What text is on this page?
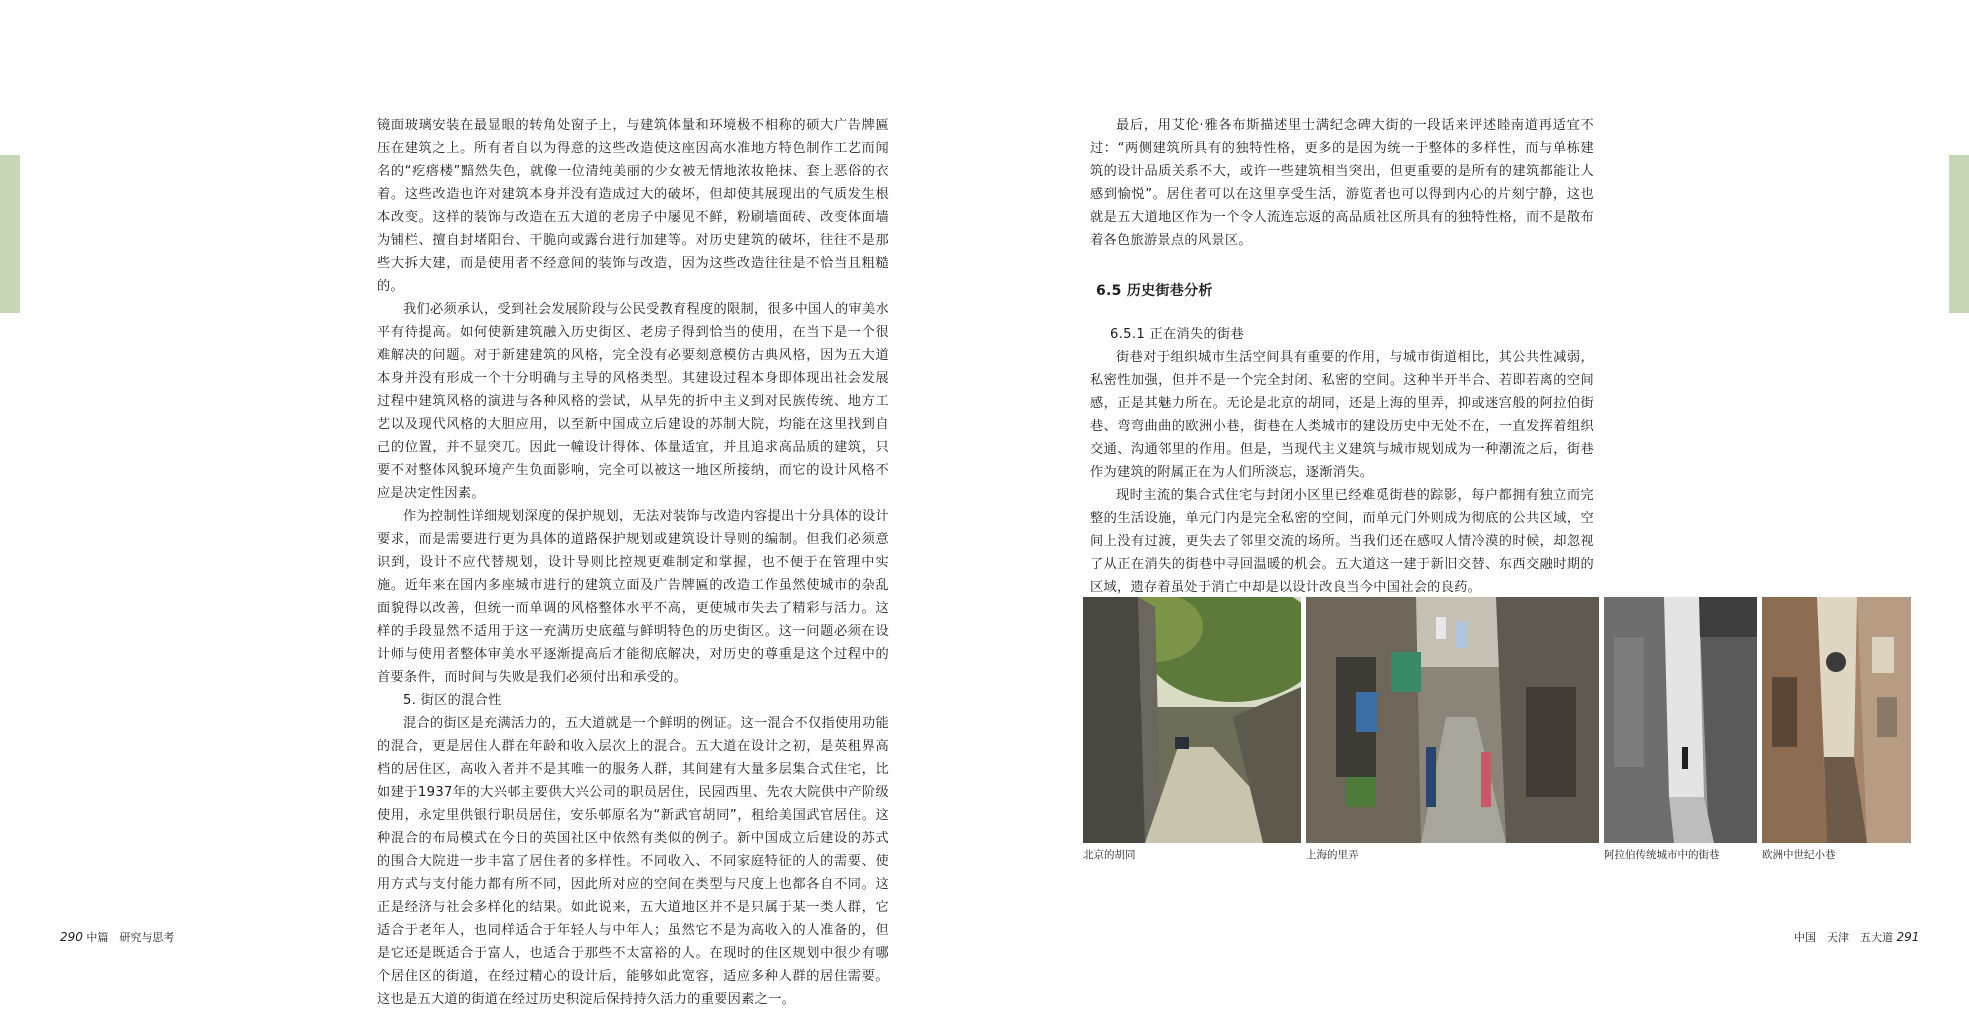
镜面玻璃安装在最显眼的转角处窗子上，与建筑体量和环境极不相称的硕大广告牌匾压在建筑之上。所有者自以为得意的这些改造使这座因高水准地方特色制作工艺而闻名的“疙瘩楼”黯然失色，就像一位清纯美丽的少女被无情地浓妆艳抹、套上恶俗的衣着。这些改造也许对建筑本身并没有造成过大的破坏，但却使其展现出的气质发生根本改变。这样的装饰与改造在五大道的老房子中屡见不鲜，粉刷墙面砖、改变体面墙为铺栏、擅自封堵阳台、干脆向或露台进行加建等。对历史建筑的破坏，往往不是那些大拆大建，而是使用者不经意间的装饰与改造，因为这些改造往往是不恰当且粗糙的。

我们必须承认，受到社会发展阶段与公民受教育程度的限制，很多中国人的审美水平有待提高。如何使新建筑融入历史街区、老房子得到恰当的使用，在当下是一个很难解决的问题。对于新建建筑的风格，完全没有必要刻意模仿古典风格，因为五大道本身并没有形成一个十分明确与主导的风格类型。其建设过程本身即体现出社会发展过程中建筑风格的演进与各种风格的尝试，从早先的折中主义到对民族传统、地方工艺以及现代风格的大胆应用，以至新中国成立后建设的苏制大院，均能在这里找到自己的位置，并不显突兀。因此一幢设计得体、体量适宜，并且追求高品质的建筑，只要不对整体风貌环境产生负面影响，完全可以被这一地区所接纳，而它的设计风格不应是决定性因素。

作为控制性详细规划深度的保护规划，无法对装饰与改造内容提出十分具体的设计要求，而是需要进行更为具体的道路保护规划或建筑设计导则的编制。但我们必须意识到，设计不应代替规划，设计导则比控规更难制定和掌握，也不便于在管理中实施。近年来在国内多座城市进行的建筑立面及广告牌匾的改造工作虽然使城市的杂乱面貌得以改善，但统一而单调的风格整体水平不高，更使城市失去了精彩与活力。这样的手段显然不适用于这一充满历史底蕴与鲜明特色的历史街区。这一问题必须在设计师与使用者整体审美水平逐渐提高后才能彻底解决，对历史的尊重是这个过程中的首要条件，而时间与失败是我们必须付出和承受的。

5. 街区的混合性

混合的街区是充满活力的，五大道就是一个鲜明的例证。这一混合不仅指使用功能的混合，更是居住人群在年龄和收入层次上的混合。五大道在设计之初，是英租界高档的居住区，高收入者并不是其唯一的服务人群，其间建有大量多层集合式住宅，比如建于1937年的大兴邨主要供大兴公司的职员居住，民园西里、先农大院供中产阶级使用，永定里供银行职员居住，安乐邨原名为“新武官胡同”，租给美国武官居住。这种混合的布局模式在今日的英国社区中依然有类似的例子。新中国成立后建设的苏式的围合大院进一步丰富了居住者的多样性。不同收入、不同家庭特征的人的需要、使用方式与支付能力都有所不同，因此所对应的空间在类型与尺度上也都各自不同。这正是经济与社会多样化的结果。如此说来，五大道地区并不是只属于某一类人群，它适合于老年人，也同样适合于年轻人与中年人；虽然它不是为高收入的人准备的，但是它还是既适合于富人，也适合于那些不太富裕的人。在现时的住区规划中很少有哪个居住区的街道，在经过精心的设计后，能够如此宽容，适应多种人群的居住需要。这也是五大道的街道在经过历史积淀后保持持久活力的重要因素之一。

最后，用艾伦·雅各布斯描述里士满纪念碑大街的一段话来评述睦南道再适宜不过：“两侧建筑所具有的独特性格，更多的是因为统一于整体的多样性，而与单栋建筑的设计品质关系不大，或许一些建筑相当突出，但更重要的是所有的建筑都能让人感到愉悦”。居住者可以在这里享受生活，游览者也可以得到内心的片刻宁静，这也就是五大道地区作为一个令人流连忘返的高品质社区所具有的独特性格，而不是散布着各色旅游景点的风景区。

6.5 历史街巷分析

6.5.1 正在消失的街巷

街巷对于组织城市生活空间具有重要的作用，与城市街道相比，其公共性减弱，私密性加强，但并不是一个完全封闭、私密的空间。这种半开半合、若即若离的空间感，正是其魅力所在。无论是北京的胡同，还是上海的里弄，抑或迷宫般的阿拉伯街巷、弯弯曲曲的欧洲小巷，街巷在人类城市的建设历史中无处不在，一直发挥着组织交通、沟通邻里的作用。但是，当现代主义建筑与城市规划成为一种潮流之后，街巷作为建筑的附属正在为人们所淡忘，逐渐消失。

现时主流的集合式住宅与封闭小区里已经难觅街巷的踪影，每户都拥有独立而完整的生活设施，单元门内是完全私密的空间，而单元门外则成为彻底的公共区域，空间上没有过渡，更失去了邻里交流的场所。当我们还在感叹人情冷漠的时候，却忽视了从正在消失的街巷中寻回温暖的机会。五大道这一建于新旧交替、东西交融时期的区域，遗存着虽处于消亡中却是以设计改良当今中国社会的良药。

北京的胡同	上海的里弄	阿拉伯传统城市中的街巷	欧洲中世纪小巷
290 中篇　研究与思考	中国　天津　五大道 291
